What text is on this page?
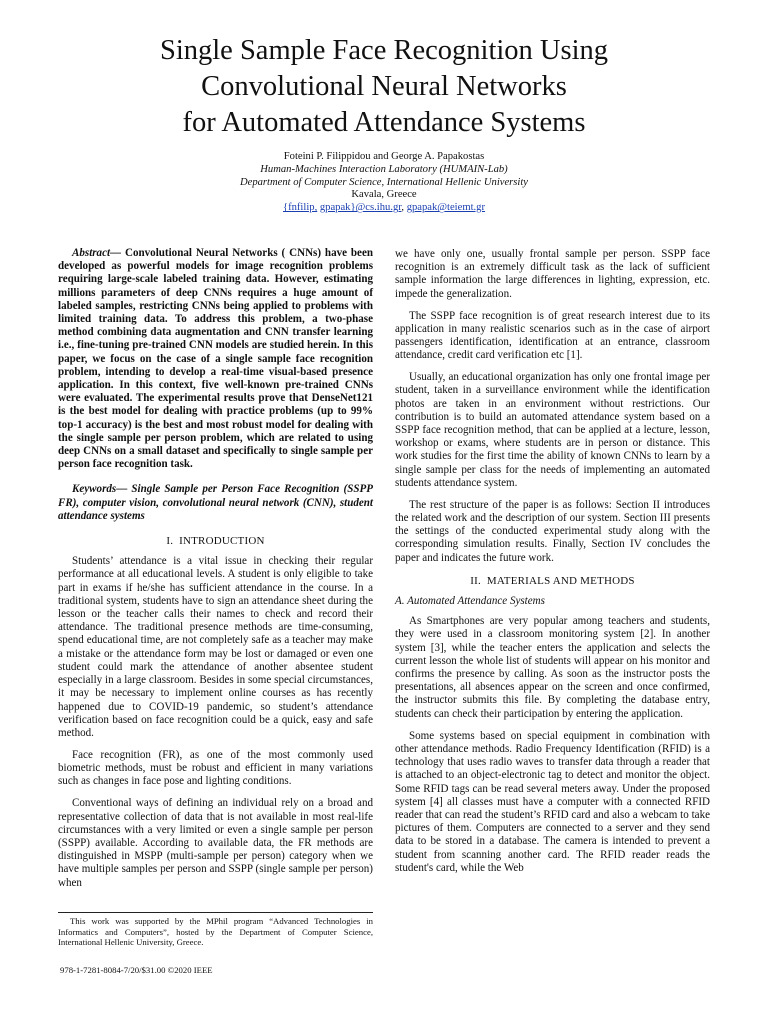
Single Sample Face Recognition Using
Convolutional Neural Networks
for Automated Attendance Systems
Foteini P. Filippidou and George A. Papakostas
Human-Machines Interaction Laboratory (HUMAIN-Lab)
Department of Computer Science, International Hellenic University
Kavala, Greece
{fnfilip, gpapak}@cs.ihu.gr, gpapak@teiemt.gr

Abstract— Convolutional Neural Networks ( CNNs) have been developed as powerful models for image recognition problems requiring large-scale labeled training data. However, estimating millions parameters of deep CNNs requires a huge amount of labeled samples, restricting CNNs being applied to problems with limited training data. To address this problem, a two-phase method combining data augmentation and CNN transfer learning i.e., fine-tuning pre-trained CNN models are studied herein. In this paper, we focus on the case of a single sample face recognition problem, intending to develop a real-time visual-based presence application. In this context, five well-known pre-trained CNNs were evaluated. The experimental results prove that DenseNet121 is the best model for dealing with practice problems (up to 99% top-1 accuracy) is the best and most robust model for dealing with the single sample per person problem, which are related to using deep CNNs on a small dataset and specifically to single sample per person face recognition task.

Keywords— Single Sample per Person Face Recognition (SSPP FR), computer vision, convolutional neural network (CNN), student attendance systems

I. INTRODUCTION

Students’ attendance is a vital issue in checking their regular performance at all educational levels. A student is only eligible to take part in exams if he/she has sufficient attendance in the course. In a traditional system, students have to sign an attendance sheet during the lesson or the teacher calls their names to check and record their attendance. The traditional presence methods are time-consuming, spend educational time, are not completely safe as a teacher may make a mistake or the attendance form may be lost or damaged or even one student could mark the attendance of another absentee student especially in a large classroom. Besides in some special circumstances, it may be necessary to implement online courses as has recently happened due to COVID-19 pandemic, so student’s attendance verification based on face recognition could be a quick, easy and safe method.

Face recognition (FR), as one of the most commonly used biometric methods, must be robust and efficient in many variations such as changes in face pose and lighting conditions.

Conventional ways of defining an individual rely on a broad and representative collection of data that is not available in most real-life circumstances with a very limited or even a single sample per person (SSPP) available. According to available data, the FR methods are distinguished in MSPP (multi-sample per person) category when we have multiple samples per person and SSPP (single sample per person) when

we have only one, usually frontal sample per person. SSPP face recognition is an extremely difficult task as the lack of sufficient sample information the large differences in lighting, expression, etc. impede the generalization.

The SSPP face recognition is of great research interest due to its application in many realistic scenarios such as in the case of airport passengers identification, identification at an entrance, classroom attendance, credit card verification etc [1].

Usually, an educational organization has only one frontal image per student, taken in a surveillance environment while the identification photos are taken in an environment without restrictions. Our contribution is to build an automated attendance system based on a SSPP face recognition method, that can be applied at a lecture, lesson, workshop or exams, where students are in person or distance. This work studies for the first time the ability of known CNNs to learn by a single sample per class for the needs of implementing an automated students attendance system.

The rest structure of the paper is as follows: Section II introduces the related work and the description of our system. Section III presents the settings of the conducted experimental study along with the corresponding simulation results. Finally, Section IV concludes the paper and indicates the future work.

II. MATERIALS AND METHODS

A. Automated Attendance Systems

As Smartphones are very popular among teachers and students, they were used in a classroom monitoring system [2]. In another system [3], while the teacher enters the application and selects the current lesson the whole list of students will appear on his monitor and confirms the presence by calling. As soon as the instructor posts the presentations, all absences appear on the screen and once confirmed, the instructor submits this file. By completing the database entry, students can check their participation by entering the application.

Some systems based on special equipment in combination with other attendance methods. Radio Frequency Identification (RFID) is a technology that uses radio waves to transfer data through a reader that is attached to an object-electronic tag to detect and monitor the object. Some RFID tags can be read several meters away. Under the proposed system [4] all classes must have a computer with a connected RFID reader that can read the student’s RFID card and also a webcam to take pictures of them. Computers are connected to a server and they send data to be stored in a database. The camera is intended to prevent a student from scanning another card. The RFID reader reads the student's card, while the Web

This work was supported by the MPhil program “Advanced Technologies in Informatics and Computers”, hosted by the Department of Computer Science, International Hellenic University, Greece.
978-1-7281-8084-7/20/$31.00 ©2020 IEEE
